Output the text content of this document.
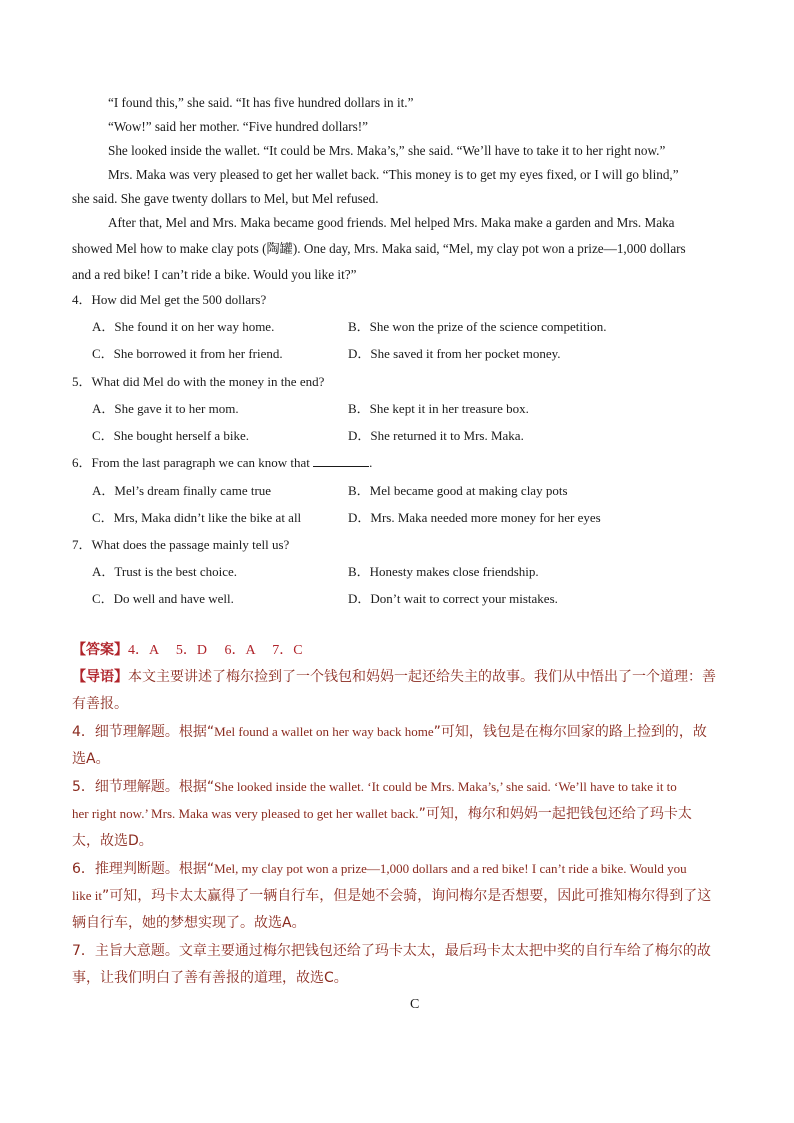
“I found this,” she said. “It has five hundred dollars in it.”
“Wow!” said her mother. “Five hundred dollars!”
She looked inside the wallet. “It could be Mrs. Maka’s,” she said. “We’ll have to take it to her right now.”
Mrs. Maka was very pleased to get her wallet back. “This money is to get my eyes fixed, or I will go blind,”
she said. She gave twenty dollars to Mel, but Mel refused.
After that, Mel and Mrs. Maka became good friends. Mel helped Mrs. Maka make a garden and Mrs. Maka
showed Mel how to make clay pots (陶罐). One day, Mrs. Maka said, “Mel, my clay pot won a prize—1,000 dollars
and a red bike! I can’t ride a bike. Would you like it?”
4．How did Mel get the 500 dollars?
A．She found it on her way home.	B．She won the prize of the science competition.
C．She borrowed it from her friend.	D．She saved it from her pocket money.
5．What did Mel do with the money in the end?
A．She gave it to her mom.	B．She kept it in her treasure box.
C．She bought herself a bike.	D．She returned it to Mrs. Maka.
6．From the last paragraph we can know that	.
A．Mel’s dream finally came true	B．Mel became good at making clay pots
C．Mrs, Maka didn’t like the bike at all	D．Mrs. Maka needed more money for her eyes
7．What does the passage mainly tell us?
A．Trust is the best choice.	B．Honesty makes close friendship.
C．Do well and have well.	D．Don’t wait to correct your mistakes.
【答案】4．A　 5．D　 6．A　 7．C
【导语】本文主要讲述了梅尔捡到了一个钱包和妈妈一起还给失主的故事。我们从中悟出了一个道理：善
有善报。
4．细节理解题。根据“Mel found a wallet on her way back home”可知，钱包是在梅尔回家的路上捡到的，故
选A。
5．细节理解题。根据“She looked inside the wallet. ‘It could be Mrs. Maka’s,’ she said. ‘We’ll have to take it to
her right now.’ Mrs. Maka was very pleased to get her wallet back.”可知，梅尔和妈妈一起把钱包还给了玛卡太
太，故选D。
6．推理判断题。根据“Mel, my clay pot won a prize—1,000 dollars and a red bike! I can’t ride a bike. Would you
like it”可知，玛卡太太赢得了一辆自行车，但是她不会骑，询问梅尔是否想要，因此可推知梅尔得到了这
辆自行车，她的梦想实现了。故选A。
7．主旨大意题。文章主要通过梅尔把钱包还给了玛卡太太，最后玛卡太太把中奖的自行车给了梅尔的故
事，让我们明白了善有善报的道理，故选C。
C
